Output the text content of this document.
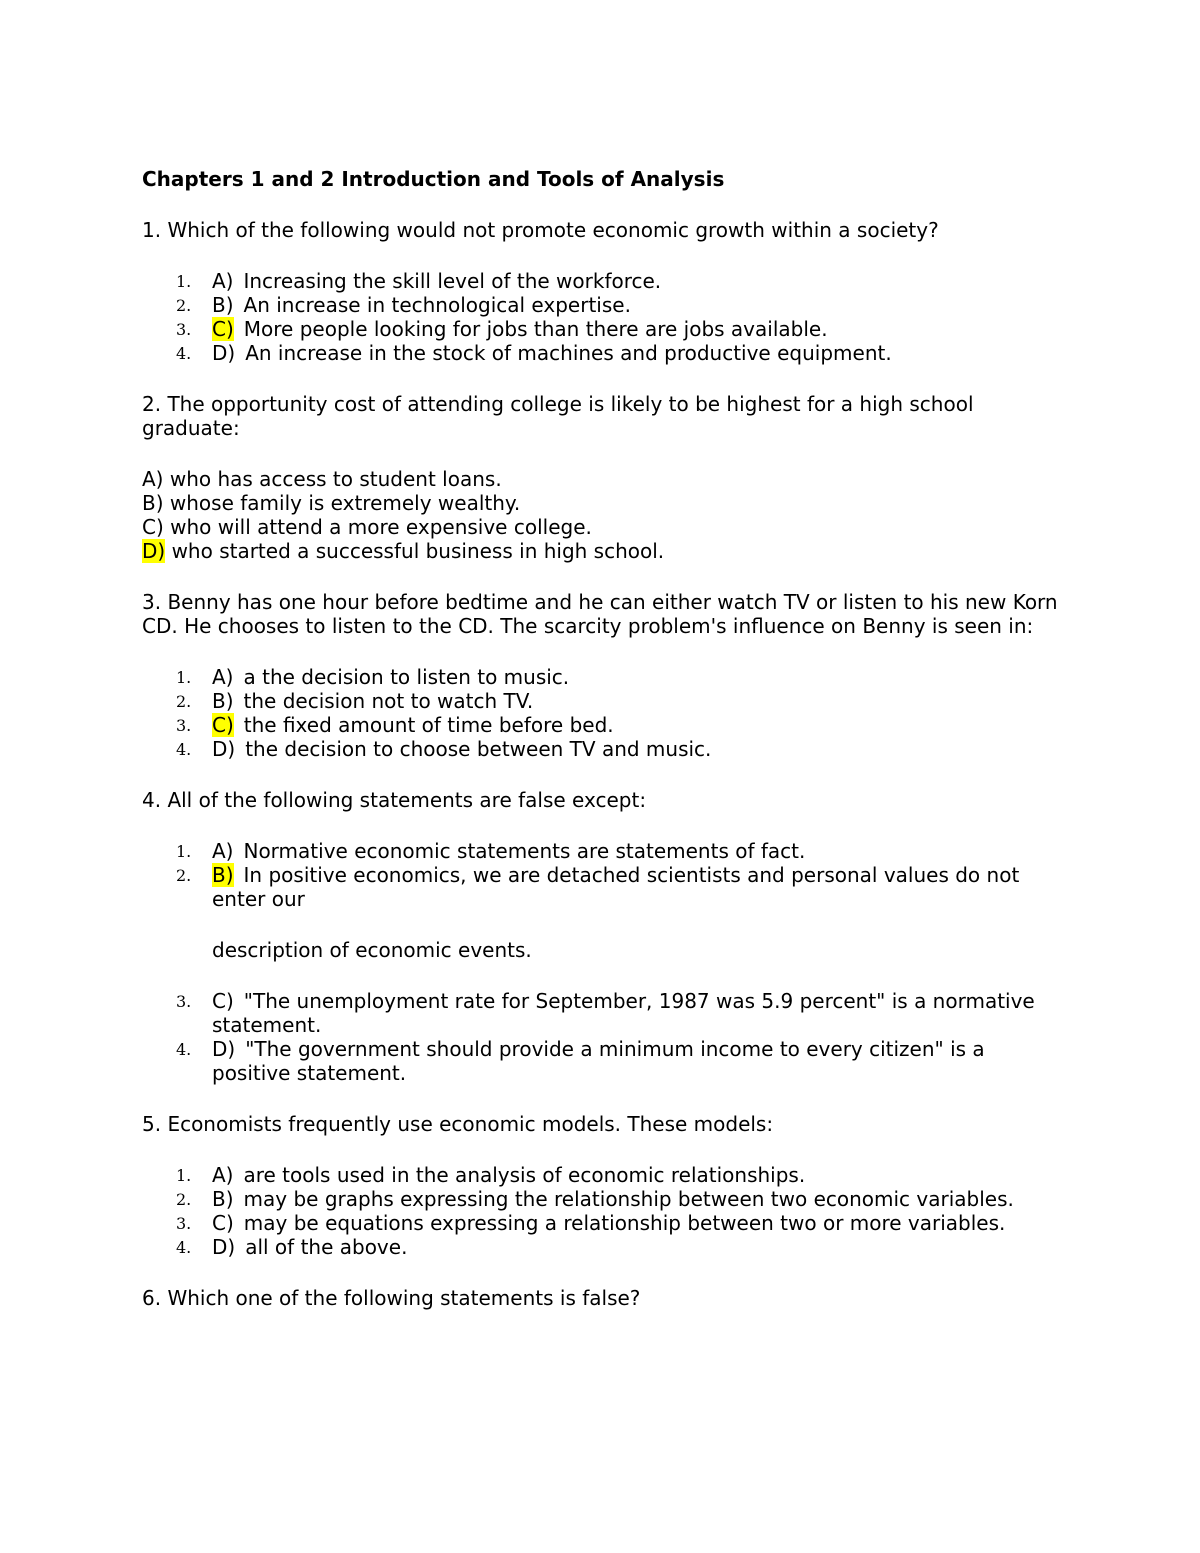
Chapters 1 and 2 Introduction and Tools of Analysis
1. Which of the following would not promote economic growth within a society?
1. A) Increasing the skill level of the workforce.
2. B) An increase in technological expertise.
3. C) More people looking for jobs than there are jobs available.
4. D) An increase in the stock of machines and productive equipment.
2. The opportunity cost of attending college is likely to be highest for a high school graduate:
A) who has access to student loans.
B) whose family is extremely wealthy.
C) who will attend a more expensive college.
D) who started a successful business in high school.
3. Benny has one hour before bedtime and he can either watch TV or listen to his new Korn CD. He chooses to listen to the CD. The scarcity problem's influence on Benny is seen in:
1. A) a the decision to listen to music.
2. B) the decision not to watch TV.
3. C) the fixed amount of time before bed.
4. D) the decision to choose between TV and music.
4. All of the following statements are false except:
1. A) Normative economic statements are statements of fact.
2. B) In positive economics, we are detached scientists and personal values do not enter our
description of economic events.
3. C) "The unemployment rate for September, 1987 was 5.9 percent" is a normative statement.
4. D) "The government should provide a minimum income to every citizen" is a positive statement.
5. Economists frequently use economic models. These models:
1. A) are tools used in the analysis of economic relationships.
2. B) may be graphs expressing the relationship between two economic variables.
3. C) may be equations expressing a relationship between two or more variables.
4. D) all of the above.
6. Which one of the following statements is false?
